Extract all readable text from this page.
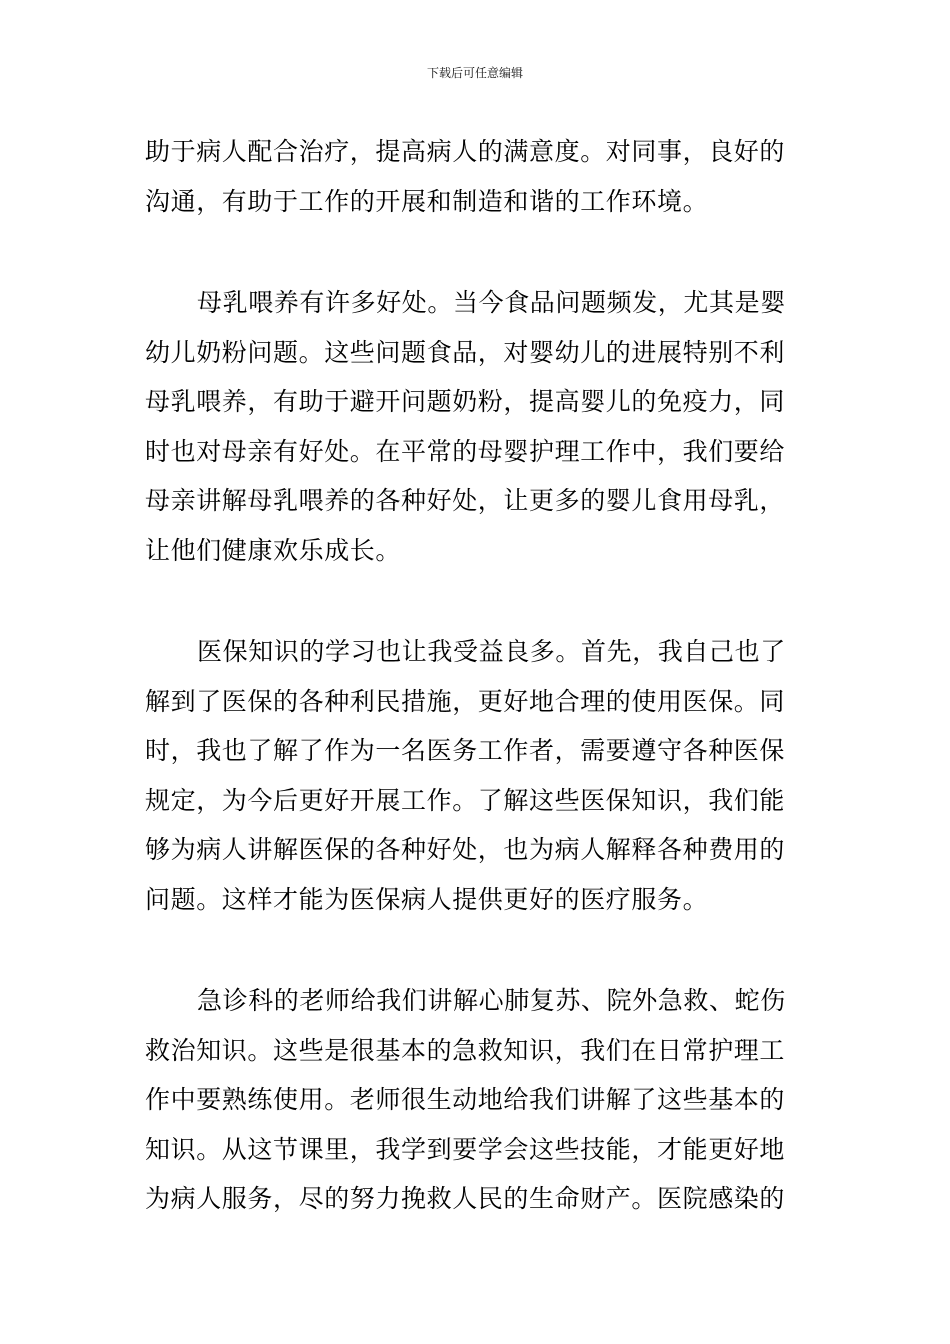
下载后可任意编辑

助于病人配合治疗，提高病人的满意度。对同事，良好的
沟通，有助于工作的开展和制造和谐的工作环境。

母乳喂养有许多好处。当今食品问题频发，尤其是婴
幼儿奶粉问题。这些问题食品，对婴幼儿的进展特别不利
母乳喂养，有助于避开问题奶粉，提高婴儿的免疫力，同
时也对母亲有好处。在平常的母婴护理工作中，我们要给
母亲讲解母乳喂养的各种好处，让更多的婴儿食用母乳，
让他们健康欢乐成长。

医保知识的学习也让我受益良多。首先，我自己也了
解到了医保的各种利民措施，更好地合理的使用医保。同
时，我也了解了作为一名医务工作者，需要遵守各种医保
规定，为今后更好开展工作。了解这些医保知识，我们能
够为病人讲解医保的各种好处，也为病人解释各种费用的
问题。这样才能为医保病人提供更好的医疗服务。

急诊科的老师给我们讲解心肺复苏、院外急救、蛇伤
救治知识。这些是很基本的急救知识，我们在日常护理工
作中要熟练使用。老师很生动地给我们讲解了这些基本的
知识。从这节课里，我学到要学会这些技能，才能更好地
为病人服务，尽的努力挽救人民的生命财产。医院感染的
